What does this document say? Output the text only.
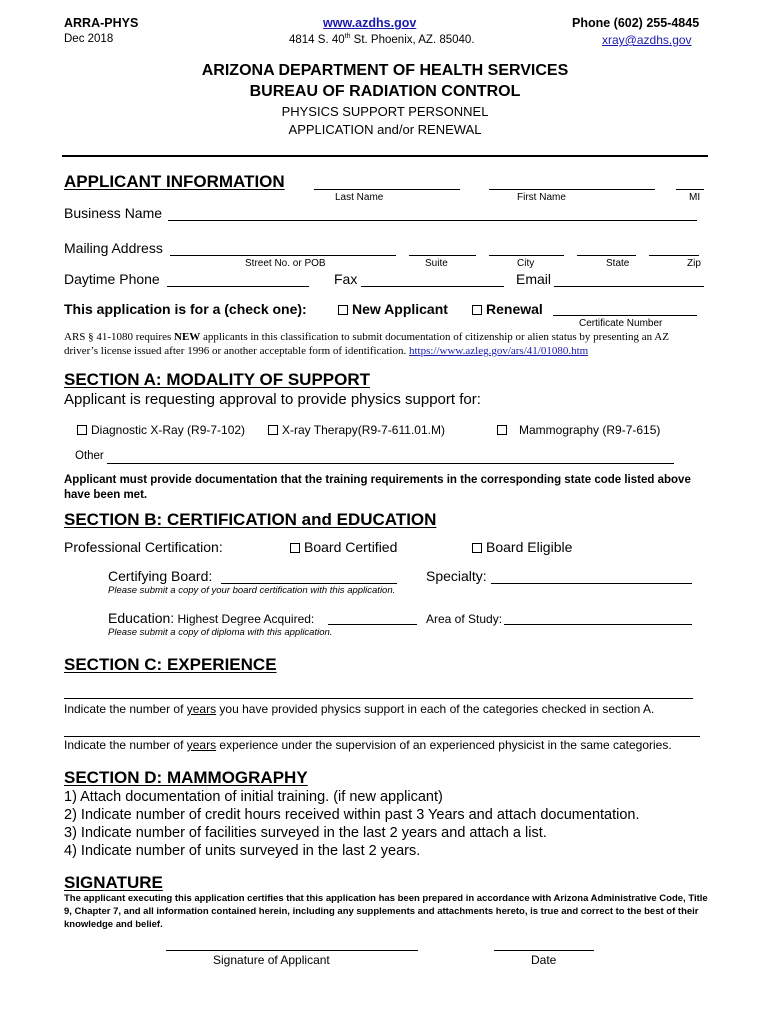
ARRA-PHYS
Dec 2018
www.azdhs.gov
4814 S. 40th St. Phoenix, AZ. 85040.
Phone (602) 255-4845
xray@azdhs.gov
ARIZONA DEPARTMENT OF HEALTH SERVICES
BUREAU OF RADIATION CONTROL
PHYSICS SUPPORT PERSONNEL
APPLICATION and/or RENEWAL
APPLICANT INFORMATION
Last Name	First Name	MI
Business Name
Mailing Address
Street No. or POB	Suite	City	State	Zip
Daytime Phone	Fax	Email
This application is for a (check one):	New Applicant	Renewal
Certificate Number
ARS § 41-1080 requires NEW applicants in this classification to submit documentation of citizenship or alien status by presenting an AZ
driver’s license issued after 1996 or another acceptable form of identification. https://www.azleg.gov/ars/41/01080.htm
SECTION A: MODALITY OF SUPPORT
Applicant is requesting approval to provide physics support for:
Diagnostic X-Ray (R9-7-102)	X-ray Therapy(R9-7-611.01.M)	Mammography (R9-7-615)
Other
Applicant must provide documentation that the training requirements in the corresponding state code listed above have been met.
SECTION B: CERTIFICATION and EDUCATION
Professional Certification:	Board Certified	Board Eligible
Certifying Board:	Specialty:
Please submit a copy of your board certification with this application.
Education: Highest Degree Acquired:	Area of Study:
Please submit a copy of diploma with this application.
SECTION C: EXPERIENCE
Indicate the number of years you have provided physics support in each of the categories checked in section A.
Indicate the number of years experience under the supervision of an experienced physicist in the same categories.
SECTION D: MAMMOGRAPHY
1) Attach documentation of initial training. (if new applicant)
2) Indicate number of credit hours received within past 3 Years and attach documentation.
3) Indicate number of facilities surveyed in the last 2 years and attach a list.
4) Indicate number of units surveyed in the last 2 years.
SIGNATURE
The applicant executing this application certifies that this application has been prepared in accordance with Arizona Administrative Code, Title 9, Chapter 7, and all information contained herein, including any supplements and attachments hereto, is true and correct to the best of their knowledge and belief.
Signature of Applicant	Date
